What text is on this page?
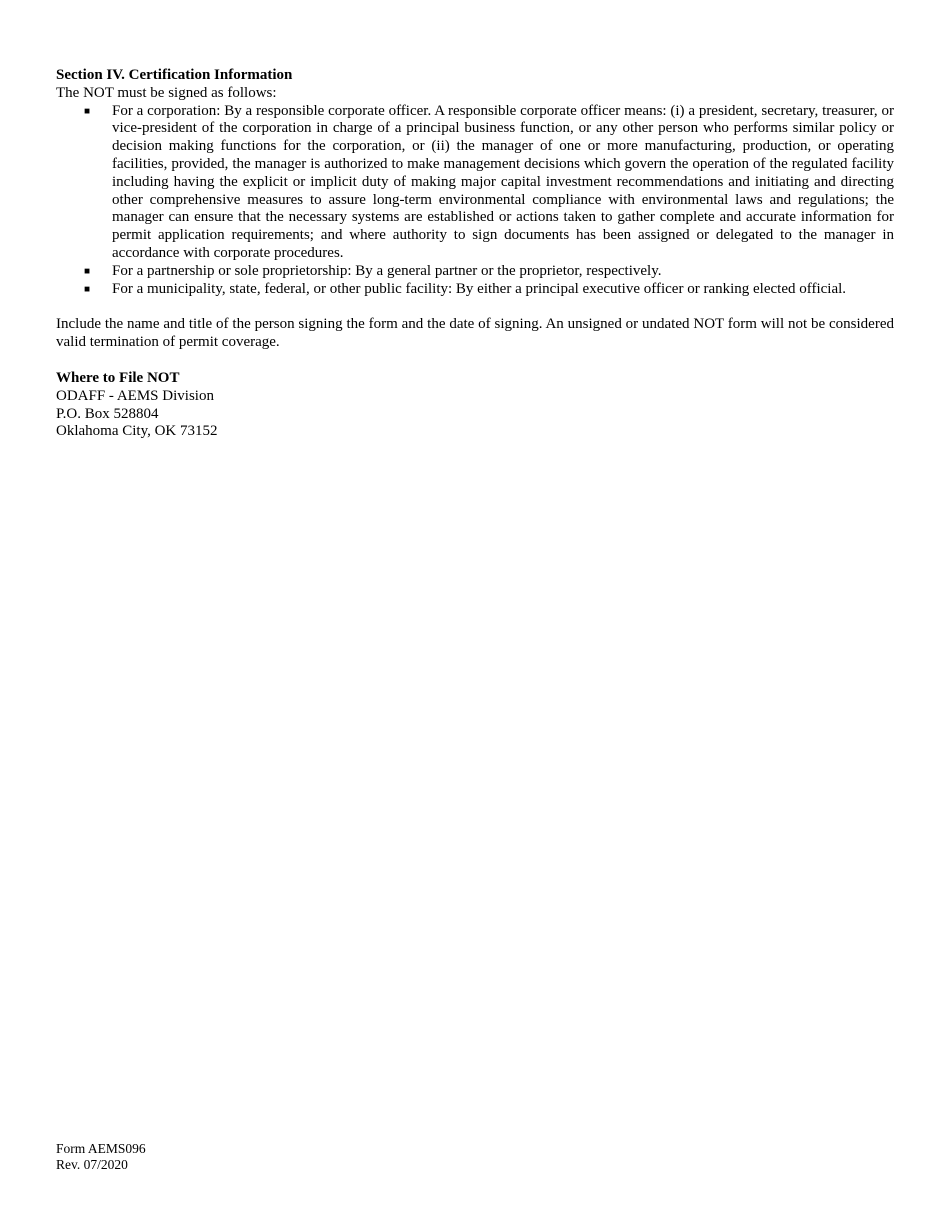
Section IV. Certification Information

The NOT must be signed as follows:

■ For a corporation: By a responsible corporate officer. A responsible corporate officer means: (i) a president, secretary, treasurer, or vice-president of the corporation in charge of a principal business function, or any other person who performs similar policy or decision making functions for the corporation, or (ii) the manager of one or more manufacturing, production, or operating facilities, provided, the manager is authorized to make management decisions which govern the operation of the regulated facility including having the explicit or implicit duty of making major capital investment recommendations and initiating and directing other comprehensive measures to assure long-term environmental compliance with environmental laws and regulations; the manager can ensure that the necessary systems are established or actions taken to gather complete and accurate information for permit application requirements; and where authority to sign documents has been assigned or delegated to the manager in accordance with corporate procedures.
■ For a partnership or sole proprietorship: By a general partner or the proprietor, respectively.
■ For a municipality, state, federal, or other public facility: By either a principal executive officer or ranking elected official.

Include the name and title of the person signing the form and the date of signing. An unsigned or undated NOT form will not be considered valid termination of permit coverage.

Where to File NOT

ODAFF - AEMS Division

P.O. Box 528804

Oklahoma City, OK 73152

Form AEMS096
Rev. 07/2020
